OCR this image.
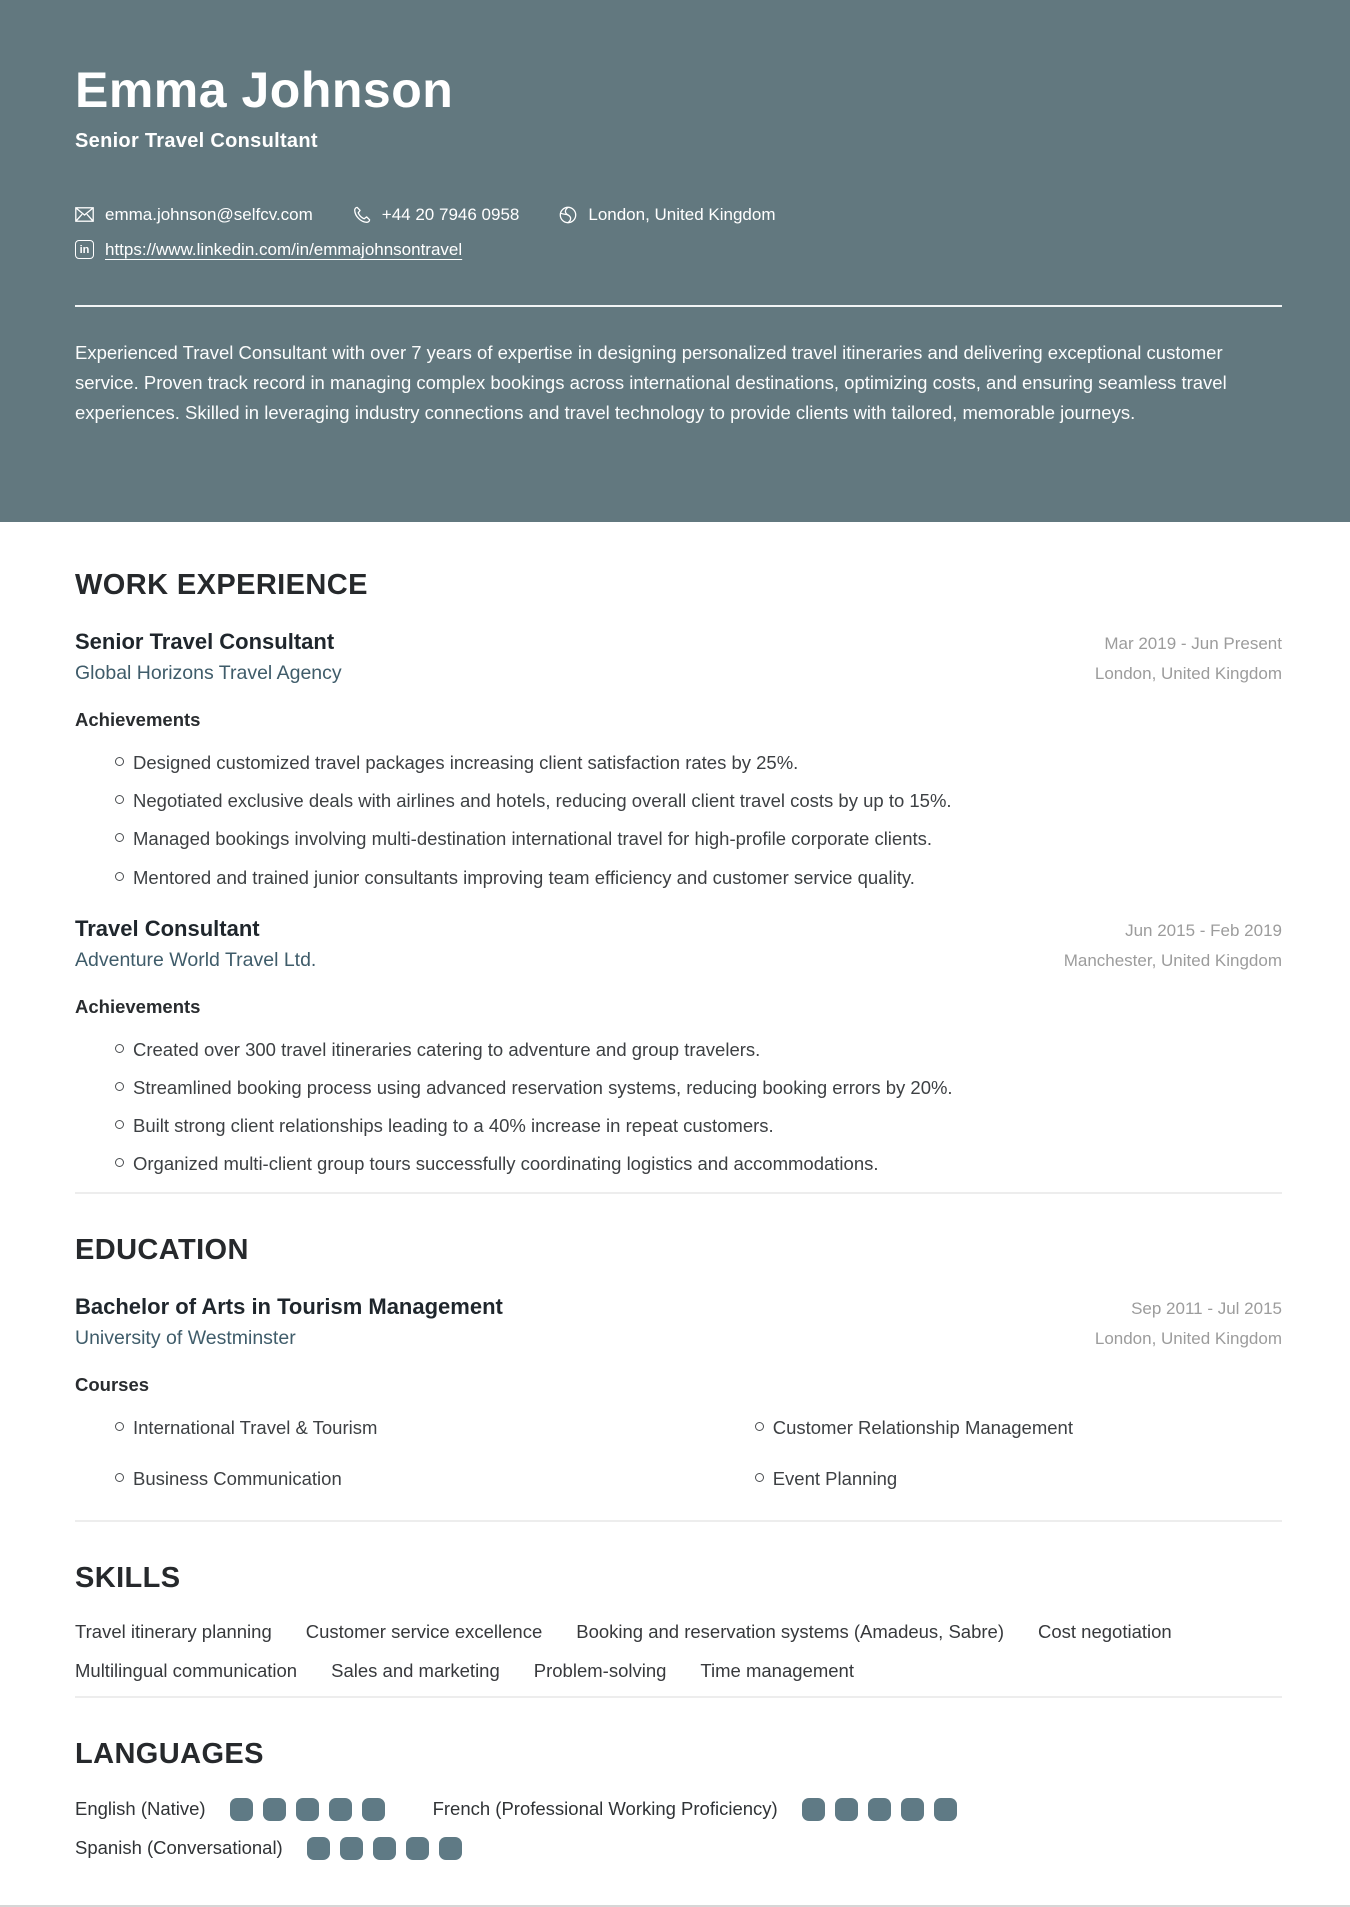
Emma Johnson
Senior Travel Consultant
emma.johnson@selfcv.com	+44 20 7946 0958	London, United Kingdom
in https://www.linkedin.com/in/emmajohnsontravel

Experienced Travel Consultant with over 7 years of expertise in designing personalized travel itineraries and delivering exceptional customer service. Proven track record in managing complex bookings across international destinations, optimizing costs, and ensuring seamless travel experiences. Skilled in leveraging industry connections and travel technology to provide clients with tailored, memorable journeys.

WORK EXPERIENCE
Senior Travel Consultant	Mar 2019 - Jun Present
Global Horizons Travel Agency	London, United Kingdom
Achievements
Designed customized travel packages increasing client satisfaction rates by 25%.
Negotiated exclusive deals with airlines and hotels, reducing overall client travel costs by up to 15%.
Managed bookings involving multi-destination international travel for high-profile corporate clients.
Mentored and trained junior consultants improving team efficiency and customer service quality.
Travel Consultant	Jun 2015 - Feb 2019
Adventure World Travel Ltd.	Manchester, United Kingdom
Achievements
Created over 300 travel itineraries catering to adventure and group travelers.
Streamlined booking process using advanced reservation systems, reducing booking errors by 20%.
Built strong client relationships leading to a 40% increase in repeat customers.
Organized multi-client group tours successfully coordinating logistics and accommodations.
EDUCATION
Bachelor of Arts in Tourism Management	Sep 2011 - Jul 2015
University of Westminster	London, United Kingdom
Courses
International Travel & Tourism	Customer Relationship Management
Business Communication	Event Planning
SKILLS
Travel itinerary planning Customer service excellence Booking and reservation systems (Amadeus, Sabre) Cost negotiation
Multilingual communication Sales and marketing Problem-solving Time management
LANGUAGES
English (Native)	French (Professional Working Proficiency)
Spanish (Conversational)
